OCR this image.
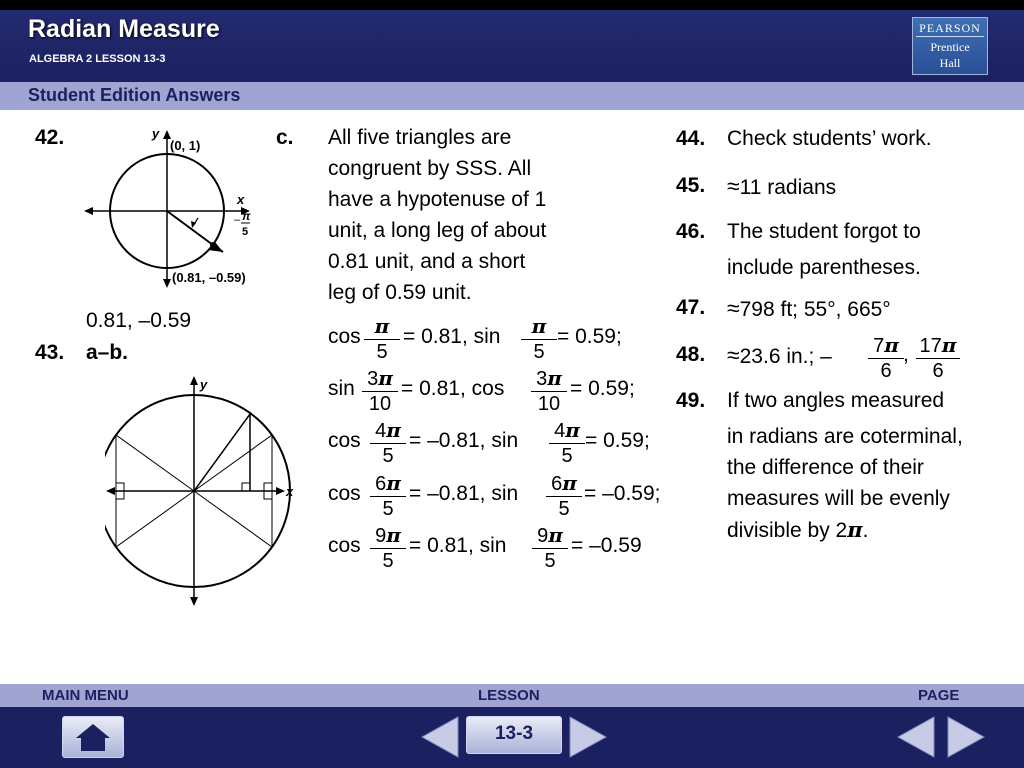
Radian Measure
ALGEBRA 2 LESSON 13-3
PEARSON
Prentice
Hall
Student Edition Answers
42.	y
(0, 1)
x
– π
5
(0.81, –0.59)
0.81, –0.59
43. a–b.
y
x
c. All five triangles are
congruent by SSS. All
have a hypotenuse of 1
unit, a long leg of about
0.81 unit, and a short
leg of 0.59 unit.
cos π
5
= 0.81, sin	π
5
= 0.59;
sin 3π
10
= 0.81, cos	3π
10
= 0.59;
cos 4π
5
= –0.81, sin	4π
5
= 0.59;
cos 6π
5
= –0.81, sin	6π
5
= –0.59;
cos 9π
5
= 0.81, sin	9π
5
= –0.59
44. Check students’ work.
45. ≈11 radians
46. The student forgot to
include parentheses.
47. ≈798 ft; 55°, 665°
48. ≈23.6 in.; –	7π
6
, 17π
6
49. If two angles measured
in radians are coterminal,
the difference of their
measures will be evenly
divisible by 2π.
MAIN MENU	LESSON	PAGE
13-3
